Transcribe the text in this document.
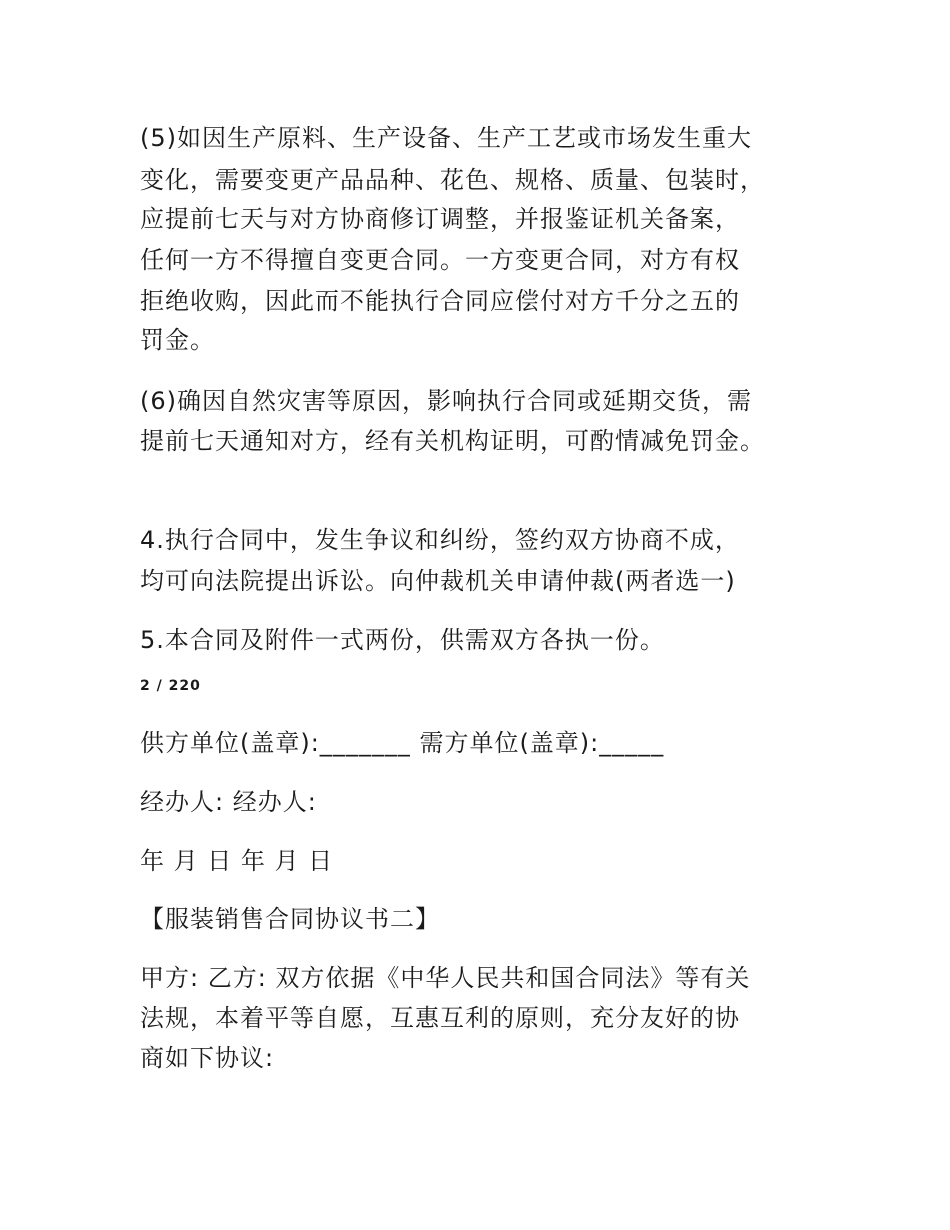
(5)如因生产原料、生产设备、生产工艺或市场发生重大
变化，需要变更产品品种、花色、规格、质量、包装时，
应提前七天与对方协商修订调整，并报鉴证机关备案，
任何一方不得擅自变更合同。一方变更合同，对方有权
拒绝收购，因此而不能执行合同应偿付对方千分之五的
罚金。
(6)确因自然灾害等原因，影响执行合同或延期交货，需
提前七天通知对方，经有关机构证明，可酌情减免罚金。
4.执行合同中，发生争议和纠纷，签约双方协商不成，
均可向法院提出诉讼。向仲裁机关申请仲裁(两者选一)
5.本合同及附件一式两份，供需双方各执一份。
2 / 220
供方单位(盖章):_______ 需方单位(盖章):_____
经办人: 经办人:
年 月 日 年 月 日
【服装销售合同协议书二】
甲方: 乙方: 双方依据《中华人民共和国合同法》等有关
法规，本着平等自愿，互惠互利的原则，充分友好的协
商如下协议:
